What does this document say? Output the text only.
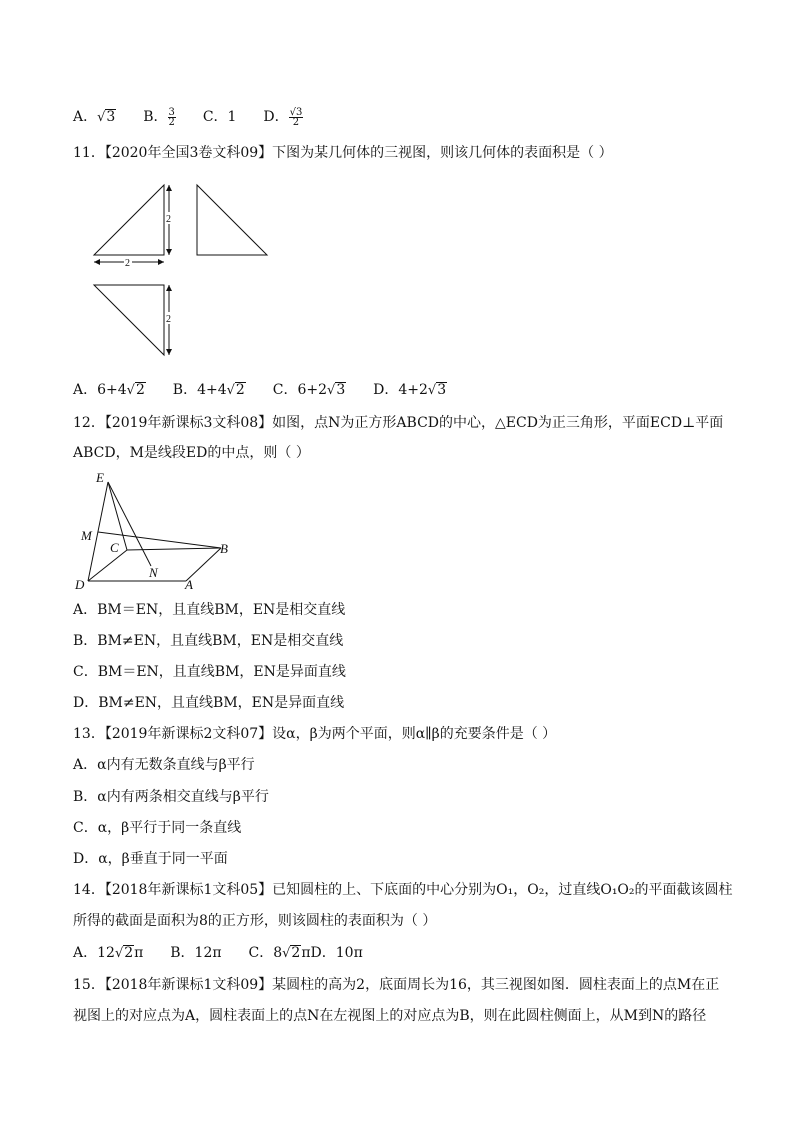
A．√3 B． $\frac{3}{2}$ C．1 D． $\frac{√3}{2}$
11．【2020年全国3卷文科09】下图为某几何体的三视图，则该几何体的表面积是（ ）
2
2
2
A．6+4√2 B．4+4√2 C．6+2√3 D．4+2√3
12．【2019年新课标3文科08】如图，点N为正方形ABCD的中心，△ECD为正三角形，平面ECD⊥平面
ABCD，M是线段ED的中点，则（ ）
E
M
C	B
D
N
A
A．BM＝EN，且直线BM，EN是相交直线
B．BM≠EN，且直线BM，EN是相交直线
C．BM＝EN，且直线BM，EN是异面直线
D．BM≠EN，且直线BM，EN是异面直线
13．【2019年新课标2文科07】设α，β为两个平面，则α∥β的充要条件是（ ）
A．α内有无数条直线与β平行
B．α内有两条相交直线与β平行
C．α，β平行于同一条直线
D．α，β垂直于同一平面
14．【2018年新课标1文科05】已知圆柱的上、下底面的中心分别为O₁，O₂，过直线O₁O₂的平面截该圆柱
所得的截面是面积为8的正方形，则该圆柱的表面积为（ ）
A．12√2π B．12π C．8√2πD．10π
15．【2018年新课标1文科09】某圆柱的高为2，底面周长为16，其三视图如图．圆柱表面上的点M在正
视图上的对应点为A，圆柱表面上的点N在左视图上的对应点为B，则在此圆柱侧面上，从M到N的路径
